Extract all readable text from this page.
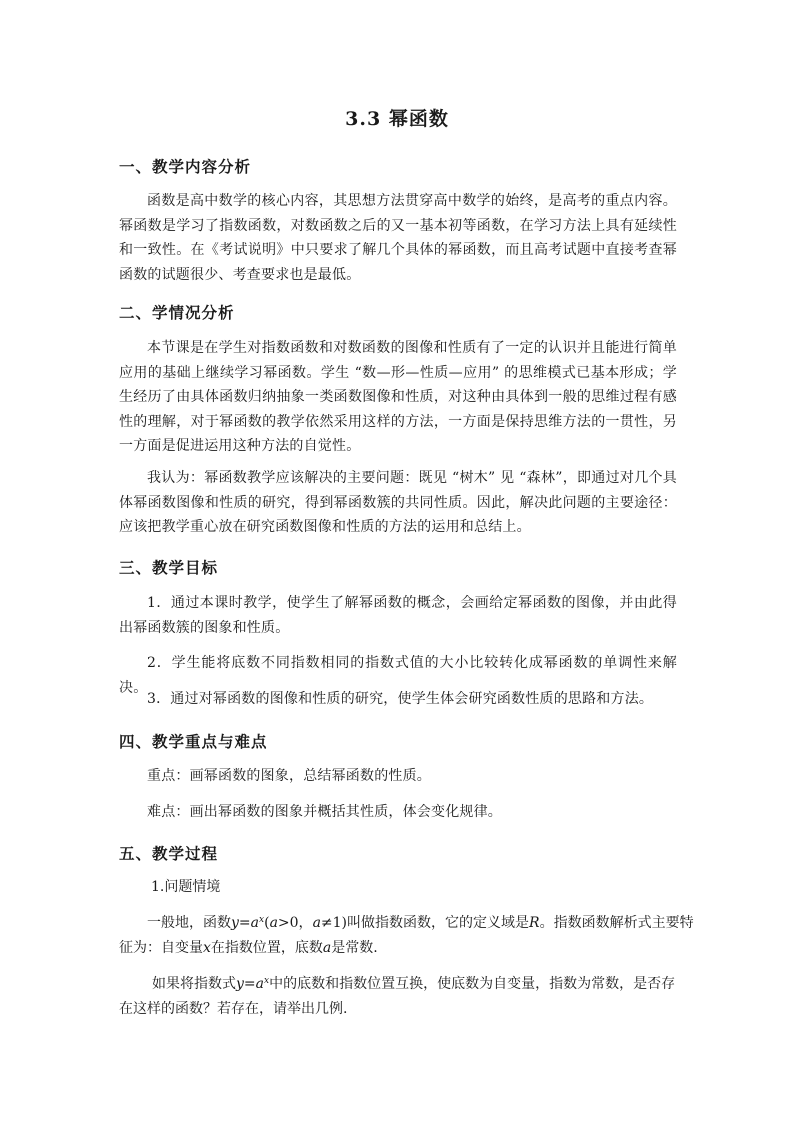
3.3 幂函数
一、教学内容分析
函数是高中数学的核心内容，其思想方法贯穿高中数学的始终，是高考的重点内容。幂函数是学习了指数函数，对数函数之后的又一基本初等函数，在学习方法上具有延续性和一致性。在《考试说明》中只要求了解几个具体的幂函数，而且高考试题中直接考查幂函数的试题很少、考查要求也是最低。
二、学情况分析
本节课是在学生对指数函数和对数函数的图像和性质有了一定的认识并且能进行简单应用的基础上继续学习幂函数。学生 “数—形—性质—应用” 的思维模式已基本形成；学生经历了由具体函数归纳抽象一类函数图像和性质，对这种由具体到一般的思维过程有感性的理解，对于幂函数的教学依然采用这样的方法，一方面是保持思维方法的一贯性，另一方面是促进运用这种方法的自觉性。
我认为：幂函数教学应该解决的主要问题：既见 “树木” 见 “森林”，即通过对几个具体幂函数图像和性质的研究，得到幂函数簇的共同性质。因此，解决此问题的主要途径：应该把教学重心放在研究函数图像和性质的方法的运用和总结上。
三、教学目标
1．通过本课时教学，使学生了解幂函数的概念，会画给定幂函数的图像，并由此得出幂函数簇的图象和性质。
2．学生能将底数不同指数相同的指数式值的大小比较转化成幂函数的单调性来解决。
3．通过对幂函数的图像和性质的研究，使学生体会研究函数性质的思路和方法。
四、教学重点与难点
重点：画幂函数的图象，总结幂函数的性质。
难点：画出幂函数的图象并概括其性质，体会变化规律。
五、教学过程
1.问题情境
一般地，函数$y=a^x(a>0$，a≠1)叫做指数函数，它的定义域是R。指数函数解析式主要特
征为：自变量x在指数位置，底数a是常数.
如果将指数式$y=a^x$中的底数和指数位置互换，使底数为自变量，指数为常数，是否存
在这样的函数？若存在，请举出几例.
